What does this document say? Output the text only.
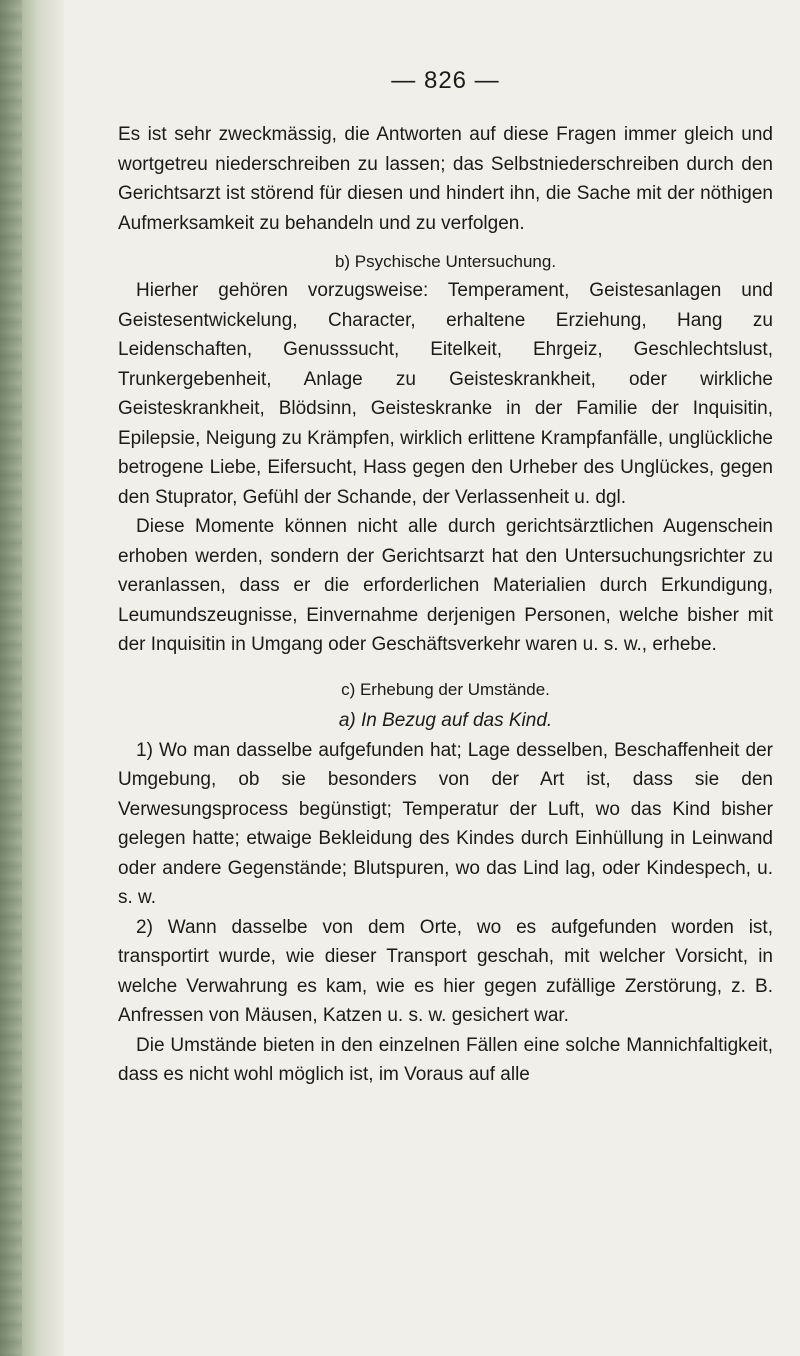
— 826 —

Es ist sehr zweckmässig, die Antworten auf diese Fragen immer gleich und wortgetreu niederschreiben zu lassen; das Selbstniederschreiben durch den Gerichtsarzt ist störend für diesen und hindert ihn, die Sache mit der nöthigen Aufmerksamkeit zu behandeln und zu verfolgen.

b) Psychische Untersuchung.

Hierher gehören vorzugsweise: Temperament, Geistesanlagen und Geistesentwickelung, Character, erhaltene Erziehung, Hang zu Leidenschaften, Genusssucht, Eitelkeit, Ehrgeiz, Geschlechtslust, Trunkergebenheit, Anlage zu Geisteskrankheit, oder wirkliche Geisteskrankheit, Blödsinn, Geisteskranke in der Familie der Inquisitin, Epilepsie, Neigung zu Krämpfen, wirklich erlittene Krampfanfälle, unglückliche betrogene Liebe, Eifersucht, Hass gegen den Urheber des Unglückes, gegen den Stuprator, Gefühl der Schande, der Verlassenheit u. dgl.

Diese Momente können nicht alle durch gerichtsärztlichen Augenschein erhoben werden, sondern der Gerichtsarzt hat den Untersuchungsrichter zu veranlassen, dass er die erforderlichen Materialien durch Erkundigung, Leumundszeugnisse, Einvernahme derjenigen Personen, welche bisher mit der Inquisitin in Umgang oder Geschäftsverkehr waren u. s. w., erhebe.

c) Erhebung der Umstände.
a) In Bezug auf das Kind.

1) Wo man dasselbe aufgefunden hat; Lage desselben, Beschaffenheit der Umgebung, ob sie besonders von der Art ist, dass sie den Verwesungsprocess begünstigt; Temperatur der Luft, wo das Kind bisher gelegen hatte; etwaige Bekleidung des Kindes durch Einhüllung in Leinwand oder andere Gegenstände; Blutspuren, wo das Lind lag, oder Kindespech, u. s. w.

2) Wann dasselbe von dem Orte, wo es aufgefunden worden ist, transportirt wurde, wie dieser Transport geschah, mit welcher Vorsicht, in welche Verwahrung es kam, wie es hier gegen zufällige Zerstörung, z. B. Anfressen von Mäusen, Katzen u. s. w. gesichert war.

Die Umstände bieten in den einzelnen Fällen eine solche Mannichfaltigkeit, dass es nicht wohl möglich ist, im Voraus auf alle
